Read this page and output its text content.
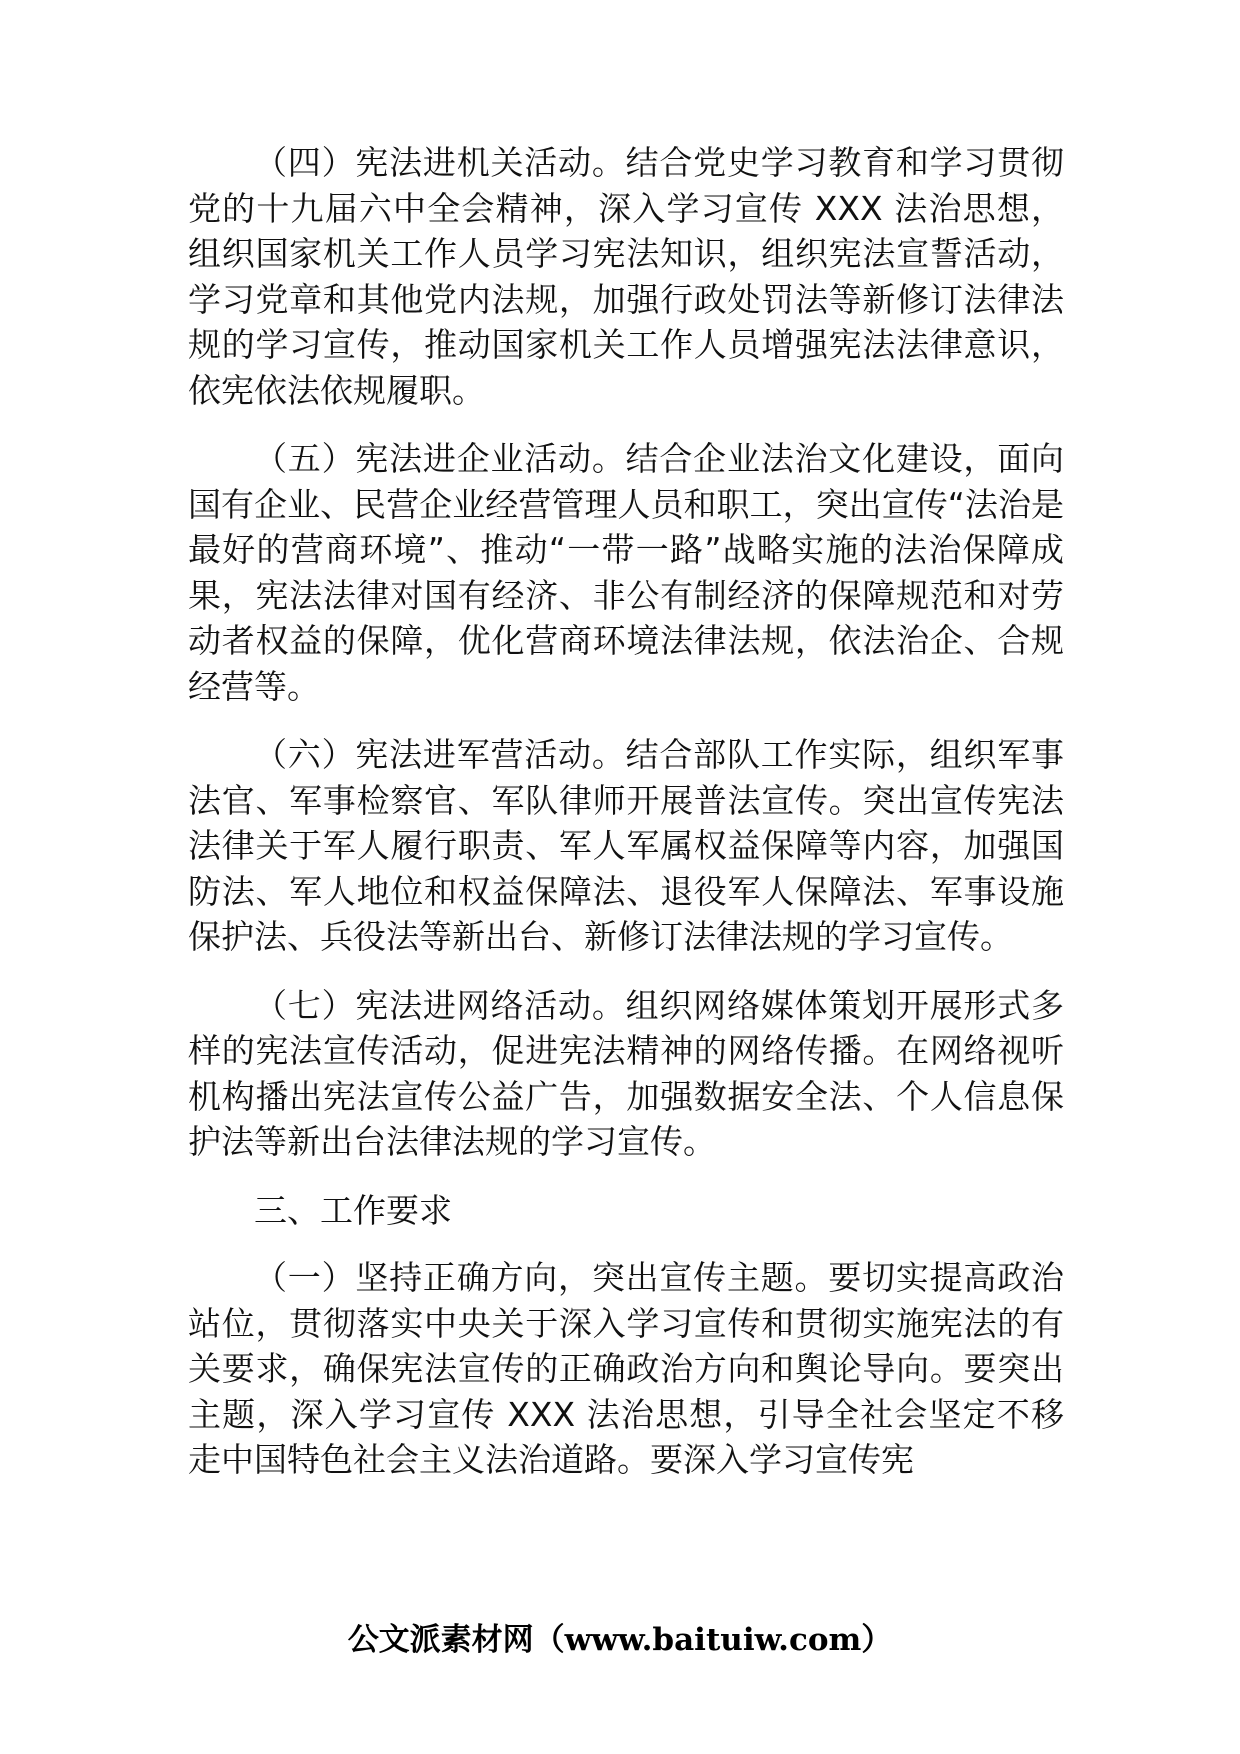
（四）宪法进机关活动。结合党史学习教育和学习贯彻党的十九届六中全会精神，深入学习宣传 XXX 法治思想，组织国家机关工作人员学习宪法知识，组织宪法宣誓活动，学习党章和其他党内法规，加强行政处罚法等新修订法律法规的学习宣传，推动国家机关工作人员增强宪法法律意识，依宪依法依规履职。

（五）宪法进企业活动。结合企业法治文化建设，面向国有企业、民营企业经营管理人员和职工，突出宣传“法治是最好的营商环境”、推动“一带一路”战略实施的法治保障成果，宪法法律对国有经济、非公有制经济的保障规范和对劳动者权益的保障，优化营商环境法律法规，依法治企、合规经营等。

（六）宪法进军营活动。结合部队工作实际，组织军事法官、军事检察官、军队律师开展普法宣传。突出宣传宪法法律关于军人履行职责、军人军属权益保障等内容，加强国防法、军人地位和权益保障法、退役军人保障法、军事设施保护法、兵役法等新出台、新修订法律法规的学习宣传。

（七）宪法进网络活动。组织网络媒体策划开展形式多样的宪法宣传活动，促进宪法精神的网络传播。在网络视听机构播出宪法宣传公益广告，加强数据安全法、个人信息保护法等新出台法律法规的学习宣传。

三、工作要求

（一）坚持正确方向，突出宣传主题。要切实提高政治站位，贯彻落实中央关于深入学习宣传和贯彻实施宪法的有关要求，确保宪法宣传的正确政治方向和舆论导向。要突出主题，深入学习宣传 XXX 法治思想，引导全社会坚定不移走中国特色社会主义法治道路。要深入学习宣传宪

公文派素材网（www.baituiw.com）
